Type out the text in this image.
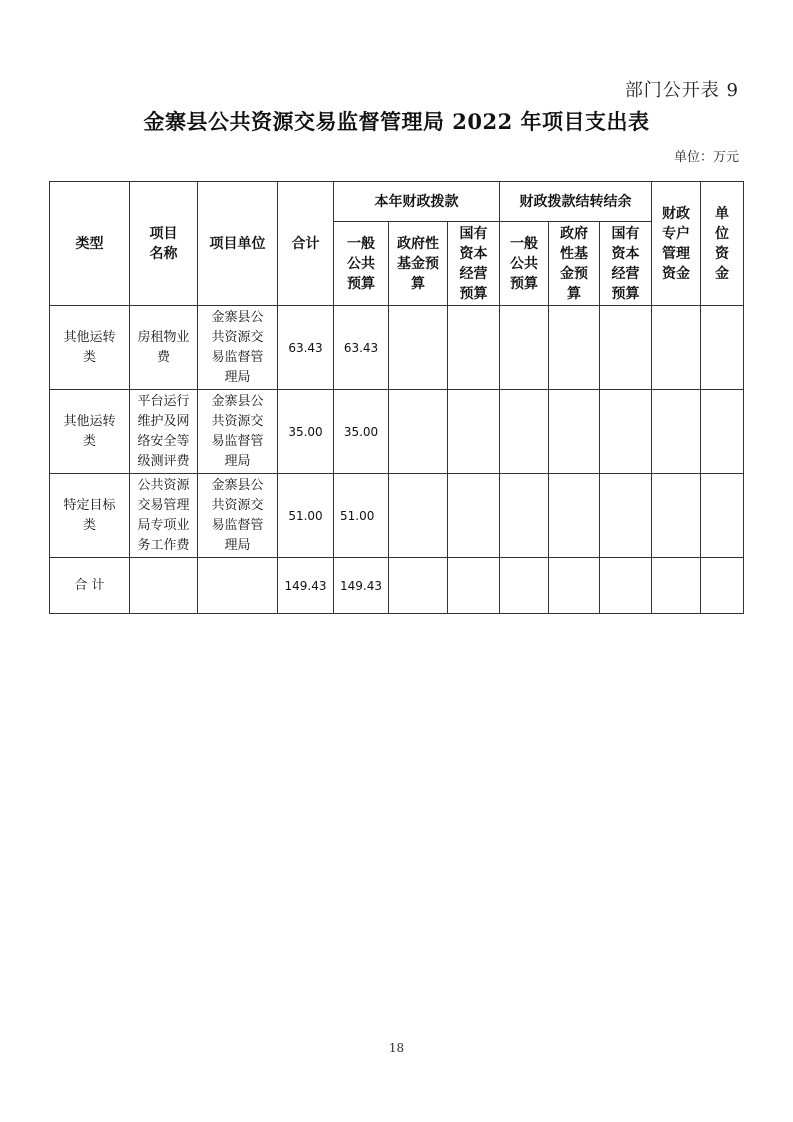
部门公开表 9
金寨县公共资源交易监督管理局 2022 年项目支出表
单位：万元
类型	项目名称	项目单位	合计	本年财政拨款			财政拨款结转结余			财政专户管理资金	单位资金
				一般公共预算	政府性基金预算	国有资本经营预算	一般公共预算	政府性基金预算	国有资本经营预算		
其他运转类	房租物业费	金寨县公共资源交易监督管理局	63.43	63.43							
其他运转类	平台运行维护及网络安全等级测评费	金寨县公共资源交易监督管理局	35.00	35.00							
特定目标类	公共资源交易管理局专项业务工作费	金寨县公共资源交易监督管理局	51.00	51.00							
合 计			149.43	149.43							
18
